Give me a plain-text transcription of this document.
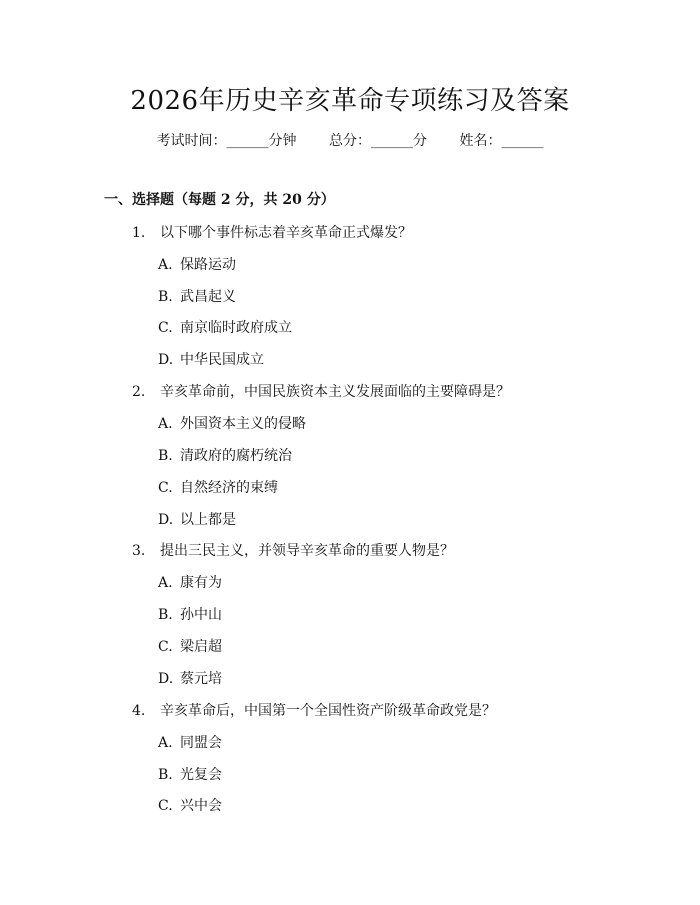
2026年历史辛亥革命专项练习及答案
考试时间：______分钟 总分：______分 姓名：______
一、选择题（每题 2 分，共 20 分）
1. 以下哪个事件标志着辛亥革命正式爆发？
A. 保路运动
B. 武昌起义
C. 南京临时政府成立
D. 中华民国成立
2. 辛亥革命前，中国民族资本主义发展面临的主要障碍是？
A. 外国资本主义的侵略
B. 清政府的腐朽统治
C. 自然经济的束缚
D. 以上都是
3. 提出三民主义，并领导辛亥革命的重要人物是？
A. 康有为
B. 孙中山
C. 梁启超
D. 蔡元培
4. 辛亥革命后，中国第一个全国性资产阶级革命政党是？
A. 同盟会
B. 光复会
C. 兴中会
